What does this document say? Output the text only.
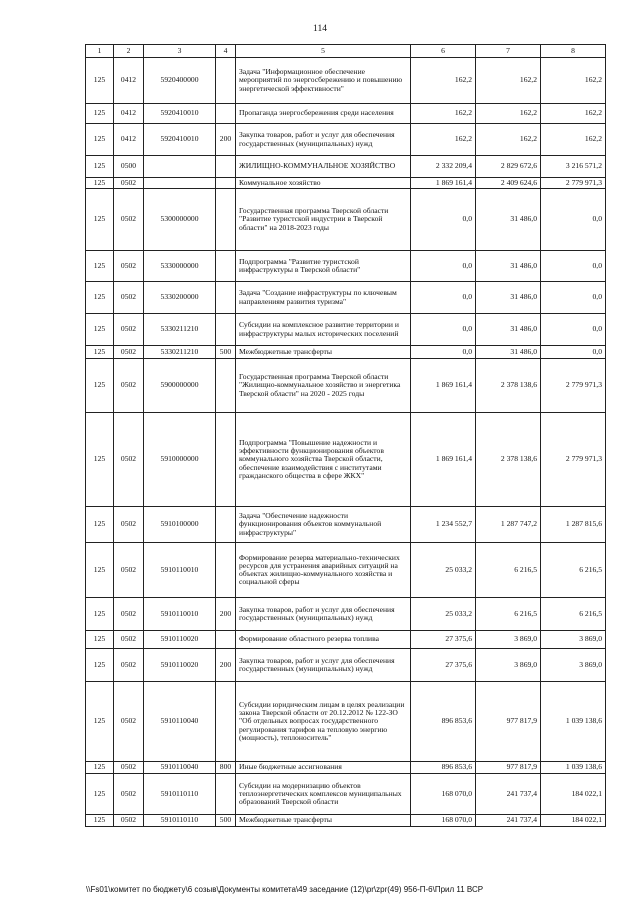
114
1	2	3	4	5	6	7	8
125	0412	5920400000		Задача "Информационное обеспечение мероприятий по энергосбережению и повышению энергетической эффективности"	162,2	162,2	162,2
125	0412	5920410010		Пропаганда энергосбережения среди населения	162,2	162,2	162,2
125	0412	5920410010	200	Закупка товаров, работ и услуг для обеспечения государственных (муниципальных) нужд	162,2	162,2	162,2
125	0500			ЖИЛИЩНО-КОММУНАЛЬНОЕ ХОЗЯЙСТВО	2 332 209,4	2 829 672,6	3 216 571,2
125	0502			Коммунальное хозяйство	1 869 161,4	2 409 624,6	2 779 971,3
125	0502	5300000000		Государственная программа Тверской области "Развитие туристской индустрии в Тверской области" на 2018-2023 годы	0,0	31 486,0	0,0
125	0502	5330000000		Подпрограмма "Развитие туристской инфраструктуры в Тверской области"	0,0	31 486,0	0,0
125	0502	5330200000		Задача "Создание инфраструктуры по ключевым направлениям развития туризма"	0,0	31 486,0	0,0
125	0502	5330211210		Субсидии на комплексное развитие территории и инфраструктуры малых исторических поселений	0,0	31 486,0	0,0
125	0502	5330211210	500	Межбюджетные трансферты	0,0	31 486,0	0,0
125	0502	5900000000		Государственная программа Тверской области "Жилищно-коммунальное хозяйство и энергетика Тверской области" на 2020 - 2025 годы	1 869 161,4	2 378 138,6	2 779 971,3
125	0502	5910000000		Подпрограмма "Повышение надежности и эффективности функционирования объектов коммунального хозяйства Тверской области, обеспечение взаимодействия с институтами гражданского общества в сфере ЖКХ"	1 869 161,4	2 378 138,6	2 779 971,3
125	0502	5910100000		Задача "Обеспечение надежности функционирования объектов коммунальной инфраструктуры"	1 234 552,7	1 287 747,2	1 287 815,6
125	0502	5910110010		Формирование резерва материально-технических ресурсов для устранения аварийных ситуаций на объектах жилищно-коммунального хозяйства и социальной сферы	25 033,2	6 216,5	6 216,5
125	0502	5910110010	200	Закупка товаров, работ и услуг для обеспечения государственных (муниципальных) нужд	25 033,2	6 216,5	6 216,5
125	0502	5910110020		Формирование областного резерва топлива	27 375,6	3 869,0	3 869,0
125	0502	5910110020	200	Закупка товаров, работ и услуг для обеспечения государственных (муниципальных) нужд	27 375,6	3 869,0	3 869,0
125	0502	5910110040		Субсидии юридическим лицам в целях реализации закона Тверской области от 20.12.2012 № 122-ЗО "Об отдельных вопросах государственного регулирования тарифов на тепловую энергию (мощность), теплоноситель"	896 853,6	977 817,9	1 039 138,6
125	0502	5910110040	800	Иные бюджетные ассигнования	896 853,6	977 817,9	1 039 138,6
125	0502	5910110110		Субсидии на модернизацию объектов теплоэнергетических комплексов муниципальных образований Тверской области	168 070,0	241 737,4	184 022,1
125	0502	5910110110	500	Межбюджетные трансферты	168 070,0	241 737,4	184 022,1
\\Fs01\комитет по бюджету\6 созыв\Документы комитета\49 заседание (12)\pr\zpr(49) 956-П-6\Прил 11 ВСР
